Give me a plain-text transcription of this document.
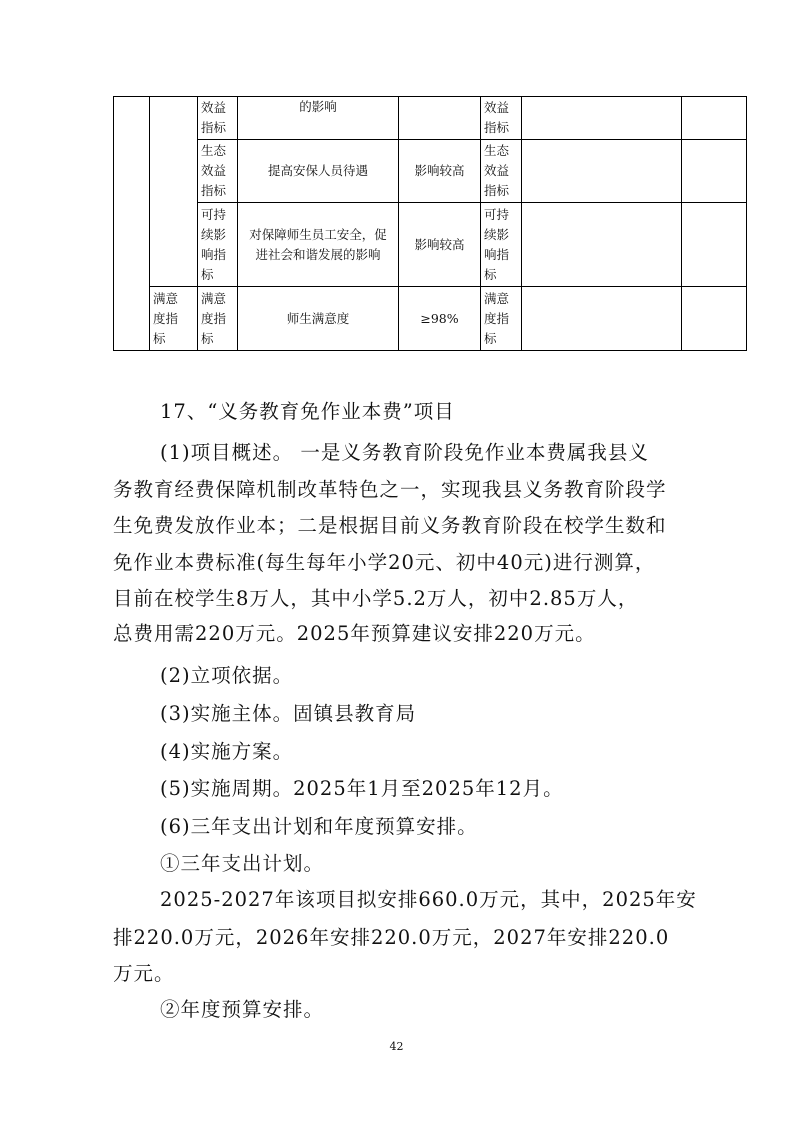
		效益
指标	的影响		效益
指标		
		生态
效益
指标	提高安保人员待遇	影响较高	生态
效益
指标		
		可持
续影
响指
标	对保障师生员工安全，促
进社会和谐发展的影响	影响较高	可持
续影
响指
标		
	满意
度指
标	满意
度指
标	师生满意度	≥98%	满意
度指
标		
17、“义务教育免作业本费”项目
(1)项目概述。 一是义务教育阶段免作业本费属我县义
务教育经费保障机制改革特色之一，实现我县义务教育阶段学
生免费发放作业本；二是根据目前义务教育阶段在校学生数和
免作业本费标准(每生每年小学20元、初中40元)进行测算，
目前在校学生8万人，其中小学5.2万人，初中2.85万人，
总费用需220万元。2025年预算建议安排220万元。
(2)立项依据。
(3)实施主体。固镇县教育局
(4)实施方案。
(5)实施周期。2025年1月至2025年12月。
(6)三年支出计划和年度预算安排。
①三年支出计划。
2025-2027年该项目拟安排660.0万元，其中，2025年安
排220.0万元，2026年安排220.0万元，2027年安排220.0
万元。
②年度预算安排。
42
